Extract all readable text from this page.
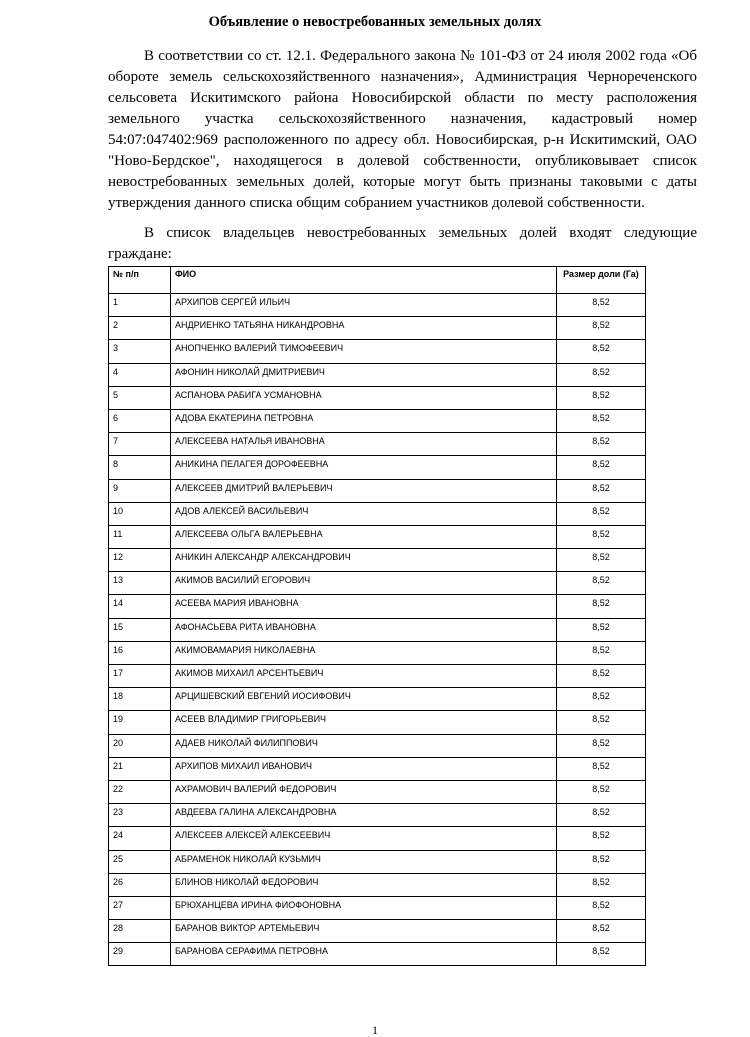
Объявление о невостребованных земельных долях

В соответствии со ст. 12.1. Федерального закона № 101-ФЗ от 24 июля 2002 года «Об обороте земель сельскохозяйственного назначения», Администрация Чернореченского сельсовета Искитимского района Новосибирской области по месту расположения земельного участка сельскохозяйственного назначения, кадастровый номер 54:07:047402:969 расположенного по адресу обл. Новосибирская, р-н Искитимский, ОАО "Ново-Бердское", находящегося в долевой собственности, опубликовывает список невостребованных земельных долей, которые могут быть признаны таковыми с даты утверждения данного списка общим собранием участников долевой собственности.

В список владельцев невостребованных земельных долей входят следующие граждане:

№ п/п	ФИО	Размер доли (Га)
1	АРХИПОВ СЕРГЕЙ ИЛЬИЧ	8,52
2	АНДРИЕНКО ТАТЬЯНА НИКАНДРОВНА	8,52
3	АНОПЧЕНКО ВАЛЕРИЙ ТИМОФЕЕВИЧ	8,52
4	АФОНИН НИКОЛАЙ ДМИТРИЕВИЧ	8,52
5	АСПАНОВА РАБИГА УСМАНОВНА	8,52
6	АДОВА ЕКАТЕРИНА ПЕТРОВНА	8,52
7	АЛЕКСЕЕВА НАТАЛЬЯ ИВАНОВНА	8,52
8	АНИКИНА ПЕЛАГЕЯ ДОРОФЕЕВНА	8,52
9	АЛЕКСЕЕВ ДМИТРИЙ ВАЛЕРЬЕВИЧ	8,52
10	АДОВ АЛЕКСЕЙ ВАСИЛЬЕВИЧ	8,52
11	АЛЕКСЕЕВА ОЛЬГА ВАЛЕРЬЕВНА	8,52
12	АНИКИН АЛЕКСАНДР АЛЕКСАНДРОВИЧ	8,52
13	АКИМОВ ВАСИЛИЙ ЕГОРОВИЧ	8,52
14	АСЕЕВА МАРИЯ ИВАНОВНА	8,52
15	АФОНАСЬЕВА РИТА ИВАНОВНА	8,52
16	АКИМОВАМАРИЯ НИКОЛАЕВНА	8,52
17	АКИМОВ МИХАИЛ АРСЕНТЬЕВИЧ	8,52
18	АРЦИШЕВСКИЙ ЕВГЕНИЙ ИОСИФОВИЧ	8,52
19	АСЕЕВ ВЛАДИМИР ГРИГОРЬЕВИЧ	8,52
20	АДАЕВ НИКОЛАЙ ФИЛИППОВИЧ	8,52
21	АРХИПОВ МИХАИЛ ИВАНОВИЧ	8,52
22	АХРАМОВИЧ ВАЛЕРИЙ ФЕДОРОВИЧ	8,52
23	АВДЕЕВА ГАЛИНА АЛЕКСАНДРОВНА	8,52
24	АЛЕКСЕЕВ АЛЕКСЕЙ АЛЕКСЕЕВИЧ	8,52
25	АБРАМЕНОК НИКОЛАЙ КУЗЬМИЧ	8,52
26	БЛИНОВ НИКОЛАЙ ФЕДОРОВИЧ	8,52
27	БРЮХАНЦЕВА ИРИНА ФИОФОНОВНА	8,52
28	БАРАНОВ ВИКТОР АРТЕМЬЕВИЧ	8,52
29	БАРАНОВА СЕРАФИМА ПЕТРОВНА	8,52
1
